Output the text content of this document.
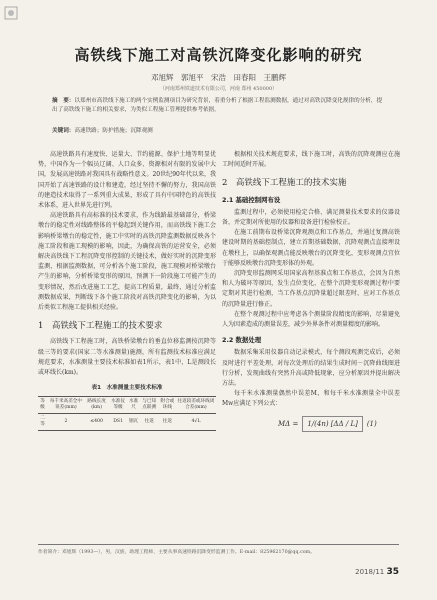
高铁线下施工对高铁沉降变化影响的研究
邓旭辉　郭旭平　宋浩　田春阳　王鹏辉
（河南郑州铁道技术有限公司，河南 郑州 450000）
摘　要：以郑州市高铁线下施工的两个实例监测项目为研究背景，着重分析了根据工程监测数据，通过对高铁沉降变化规律的分析，提出了高铁线下施工的相关要求，为类似工程施工管理提供参考依据。
关键词：高速铁路；防护措施；沉降观测

高速铁路具有速度快、运量大、节约能源、保护土地等明显优势，中国作为一个幅员辽阔、人口众多、资源相对有限的发展中大国，发展高速铁路对我国具有战略性意义。20世纪90年代以来，我国开始了高速铁路的设计和建造，经过坚持不懈的努力，我国高铁的建造技术取得了一系列重大成果，形成了具有中国特色的高铁技术体系，进入世界先进行列。

高速铁路具有高标准的技术要求，作为线路最基础部分，桥梁墩台的稳定性对线路整体的平稳起到关键作用，而高铁线下施工会影响桥梁墩台的稳定性，施工中实时的高铁沉降监测数据反映各个施工阶段和施工现模的影响，因此，为确保高铁的运营安全，必须解决高铁线下工程沉降变形控制的关键技术，做好实时的沉降变形监测，根据监测数据，可分析各个施工阶段，施工现模对桥梁墩台产生的影响，分析桥梁变形的原因，预测下一阶段施工可能产生的变形情况，然后改进施工工艺，提高工程质量，最终，通过分析监测数据成果，判断线下各个施工阶段对高铁沉降变化的影响，为以后类似工程施工提供相关经验。

1　高铁线下工程施工的技术要求

高铁线下工程施工时，高铁桥梁墩台的垂直位移监测按沉降等级三等的要求(国家二等水准测量)施测，所有监测技术标准应满足规范要求，水准测量主要技术标准如表1所示，表1中，L是测段长或环线长(km)。

表1　水准测量主要技术标准
等级	每千米高差全中误差(mm)	路线长度(km)	水准仪等级	水准尺	与已知点联测	附合或环线	往返较差或环线闭合差(mm)
二等	2	≤400	DS1	铟瓦	往返	往返	4√L

根据相关技术规范要求，线下施工时，高铁的沉降观测应在施工时间适时开展。

2　高铁线下工程施工的技术实施
2.1 基础控制网布设

监测过程中，必须使用检定合格、满足测量技术要求的仪器设备，并定期对所使用的仪器和设备进行检验校正。

在施工前期布设桥梁沉降观测点和工作基点，并通过复测高铁建设时期的基础控制点，建立首期基础数据，沉降观测点直接埋设在墩柱上，以确保观测点能反映墩台的沉降变化，变形观测点宜位于能够反映墩台沉降变形体的外观。

沉降变形监测网采用国家高程基准点和工作基点，会因为自然和人为破坏等原因，发生点位变化，在整个沉降变形观测过程中要定期对其进行检测，当工作基点沉降量超过限差时，应对工作基点的沉降量进行修正。

在整个观测过程中应考虑各个测量阶段精度的影响，尽量避免人为因素造成的测量误差，减少外界条件对测量精度的影响。

2.2 数据处理

数据采集采用仪器自动记录模式，每个测段观测完成后，必须及时进行平差处理，对每次处理后的结果生成时间－沉降曲线图进行分析，发现曲线有突然升高或降低现象，应分析原因并提出解决方法。

每千米水准测量偶然中误差M，和每千米水准测量全中误差Mw应满足下列公式：

MΔ =	1/(4n) [ΔΔ / L]	(1)
作者简介：邓旭辉（1993—），男，汉族，助理工程师，主要从事高速铁路沉降变形监测工作。E-mail：825962170@qq.com。
2018/11 35
